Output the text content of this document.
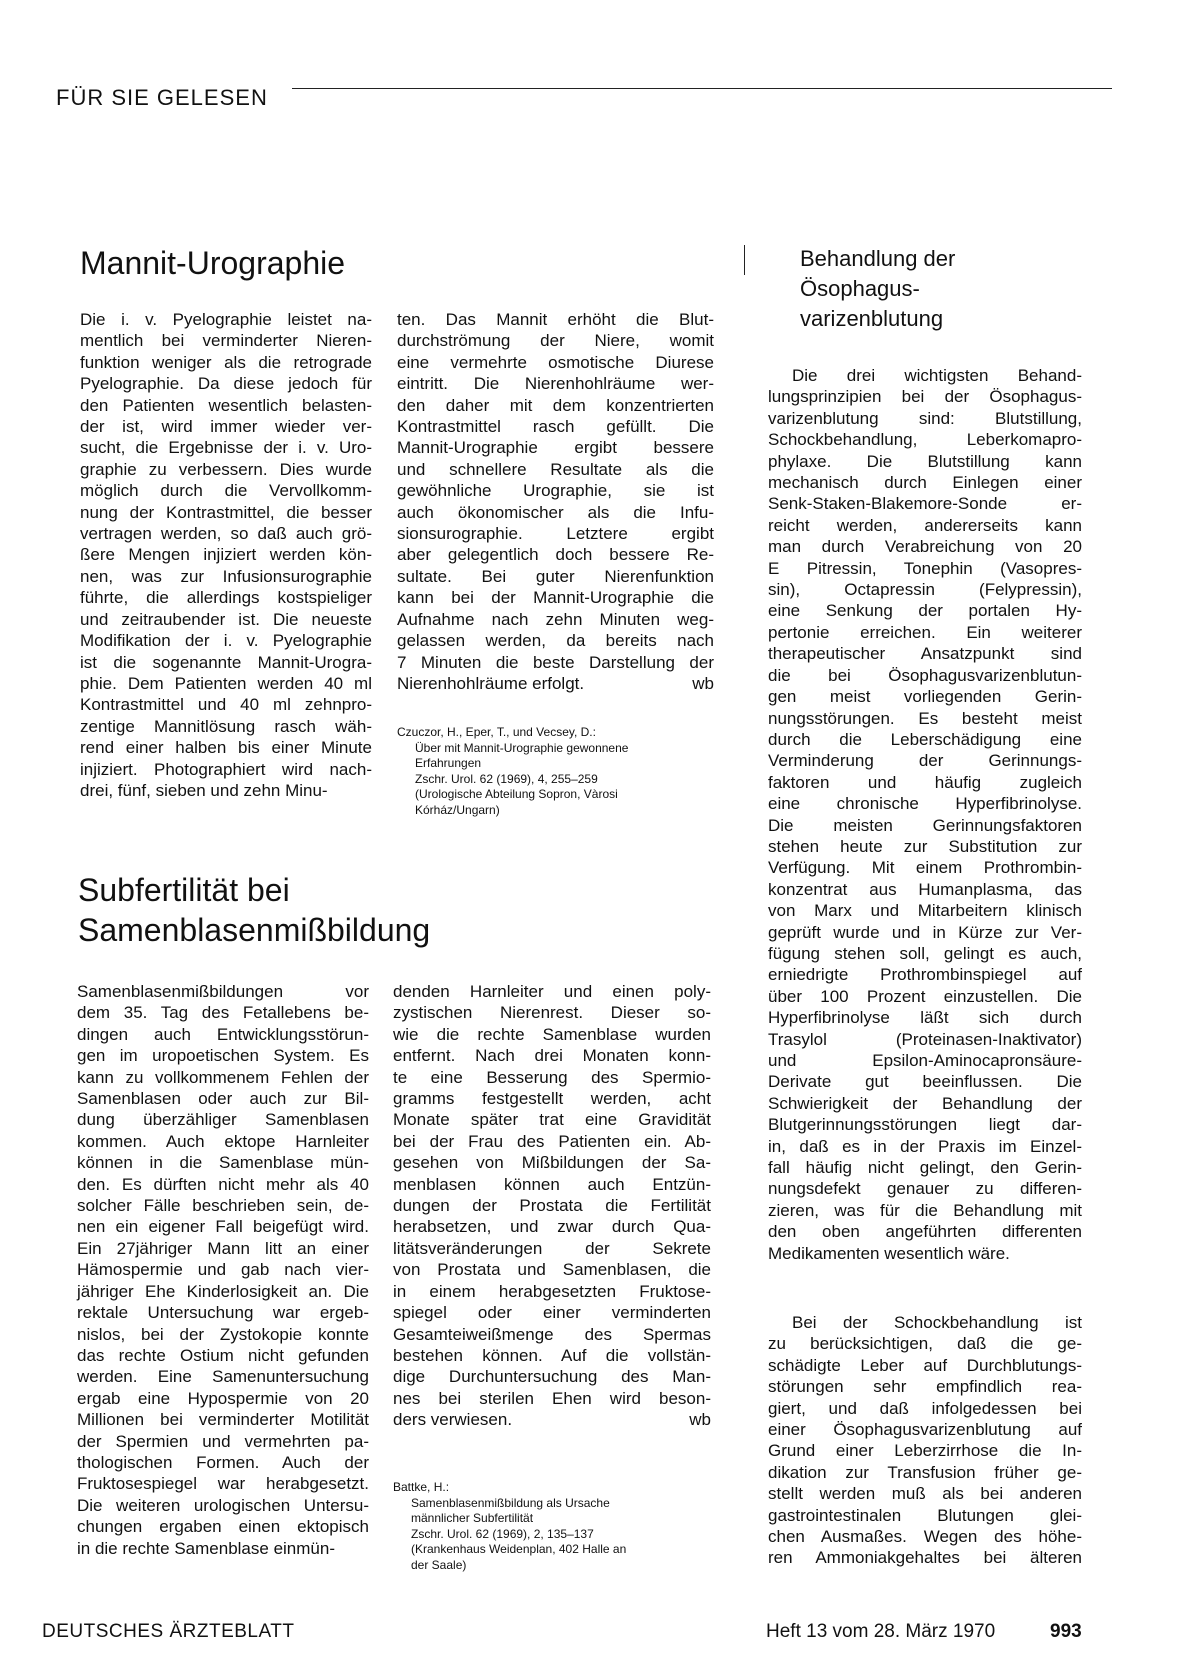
FÜR SIE GELESEN
Mannit-Urographie
Die i. v. Pyelographie leistet na-
mentlich bei verminderter Nieren-
funktion weniger als die retrograde
Pyelographie. Da diese jedoch für
den Patienten wesentlich belasten-
der ist, wird immer wieder ver-
sucht, die Ergebnisse der i. v. Uro-
graphie zu verbessern. Dies wurde
möglich durch die Vervollkomm-
nung der Kontrastmittel, die besser
vertragen werden, so daß auch grö-
ßere Mengen injiziert werden kön-
nen, was zur Infusionsurographie
führte, die allerdings kostspieliger
und zeitraubender ist. Die neueste
Modifikation der i. v. Pyelographie
ist die sogenannte Mannit-Urogra-
phie. Dem Patienten werden 40 ml
Kontrastmittel und 40 ml zehnpro-
zentige Mannitlösung rasch wäh-
rend einer halben bis einer Minute
injiziert. Photographiert wird nach-
drei, fünf, sieben und zehn Minu-
ten. Das Mannit erhöht die Blut-
durchströmung der Niere, womit
eine vermehrte osmotische Diurese
eintritt. Die Nierenhohlräume wer-
den daher mit dem konzentrierten
Kontrastmittel rasch gefüllt. Die
Mannit-Urographie ergibt bessere
und schnellere Resultate als die
gewöhnliche Urographie, sie ist
auch ökonomischer als die Infu-
sionsurographie. Letztere ergibt
aber gelegentlich doch bessere Re-
sultate. Bei guter Nierenfunktion
kann bei der Mannit-Urographie die
Aufnahme nach zehn Minuten weg-
gelassen werden, da bereits nach
7 Minuten die beste Darstellung der
Nierenhohlräume erfolgt.	wb
Czuczor, H., Eper, T., und Vecsey, D.:
Über mit Mannit-Urographie gewonnene
Erfahrungen
Zschr. Urol. 62 (1969), 4, 255–259
(Urologische Abteilung Sopron, Vàrosi
Kórház/Ungarn)
Subfertilität bei
Samenblasenmißbildung
Samenblasenmißbildungen vor
dem 35. Tag des Fetallebens be-
dingen auch Entwicklungsstörun-
gen im uropoetischen System. Es
kann zu vollkommenem Fehlen der
Samenblasen oder auch zur Bil-
dung überzähliger Samenblasen
kommen. Auch ektope Harnleiter
können in die Samenblase mün-
den. Es dürften nicht mehr als 40
solcher Fälle beschrieben sein, de-
nen ein eigener Fall beigefügt wird.
Ein 27jähriger Mann litt an einer
Hämospermie und gab nach vier-
jähriger Ehe Kinderlosigkeit an. Die
rektale Untersuchung war ergeb-
nislos, bei der Zystokopie konnte
das rechte Ostium nicht gefunden
werden. Eine Samenuntersuchung
ergab eine Hypospermie von 20
Millionen bei verminderter Motilität
der Spermien und vermehrten pa-
thologischen Formen. Auch der
Fruktosespiegel war herabgesetzt.
Die weiteren urologischen Untersu-
chungen ergaben einen ektopisch
in die rechte Samenblase einmün-
denden Harnleiter und einen poly-
zystischen Nierenrest. Dieser so-
wie die rechte Samenblase wurden
entfernt. Nach drei Monaten konn-
te eine Besserung des Spermio-
gramms festgestellt werden, acht
Monate später trat eine Gravidität
bei der Frau des Patienten ein. Ab-
gesehen von Mißbildungen der Sa-
menblasen können auch Entzün-
dungen der Prostata die Fertilität
herabsetzen, und zwar durch Qua-
litätsveränderungen der Sekrete
von Prostata und Samenblasen, die
in einem herabgesetzten Fruktose-
spiegel oder einer verminderten
Gesamteiweißmenge des Spermas
bestehen können. Auf die vollstän-
dige Durchuntersuchung des Man-
nes bei sterilen Ehen wird beson-
ders verwiesen.	wb
Battke, H.:
Samenblasenmißbildung als Ursache
männlicher Subfertilität
Zschr. Urol. 62 (1969), 2, 135–137
(Krankenhaus Weidenplan, 402 Halle an
der Saale)
Behandlung der
Ösophagus-
varizenblutung
Die drei wichtigsten Behand-
lungsprinzipien bei der Ösophagus-
varizenblutung sind: Blutstillung,
Schockbehandlung, Leberkomapro-
phylaxe. Die Blutstillung kann
mechanisch durch Einlegen einer
Senk-Staken-Blakemore-Sonde er-
reicht werden, andererseits kann
man durch Verabreichung von 20
E Pitressin, Tonephin (Vasopres-
sin), Octapressin (Felypressin),
eine Senkung der portalen Hy-
pertonie erreichen. Ein weiterer
therapeutischer Ansatzpunkt sind
die bei Ösophagusvarizenblutun-
gen meist vorliegenden Gerin-
nungsstörungen. Es besteht meist
durch die Leberschädigung eine
Verminderung der Gerinnungs-
faktoren und häufig zugleich
eine chronische Hyperfibrinolyse.
Die meisten Gerinnungsfaktoren
stehen heute zur Substitution zur
Verfügung. Mit einem Prothrombin-
konzentrat aus Humanplasma, das
von Marx und Mitarbeitern klinisch
geprüft wurde und in Kürze zur Ver-
fügung stehen soll, gelingt es auch,
erniedrigte Prothrombinspiegel auf
über 100 Prozent einzustellen. Die
Hyperfibrinolyse läßt sich durch
Trasylol (Proteinasen-Inaktivator)
und Epsilon-Aminocapronsäure-
Derivate gut beeinflussen. Die
Schwierigkeit der Behandlung der
Blutgerinnungsstörungen liegt dar-
in, daß es in der Praxis im Einzel-
fall häufig nicht gelingt, den Gerin-
nungsdefekt genauer zu differen-
zieren, was für die Behandlung mit
den oben angeführten differenten
Medikamenten wesentlich wäre.
Bei der Schockbehandlung ist
zu berücksichtigen, daß die ge-
schädigte Leber auf Durchblutungs-
störungen sehr empfindlich rea-
giert, und daß infolgedessen bei
einer Ösophagusvarizenblutung auf
Grund einer Leberzirrhose die In-
dikation zur Transfusion früher ge-
stellt werden muß als bei anderen
gastrointestinalen Blutungen glei-
chen Ausmaßes. Wegen des höhe-
ren Ammoniakgehaltes bei älteren
DEUTSCHES ÄRZTEBLATT	Heft 13 vom 28. März 1970	993
